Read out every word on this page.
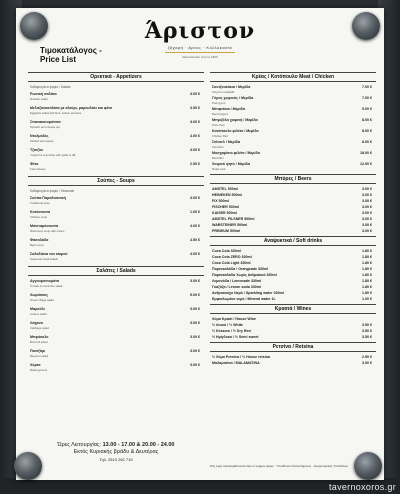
Άριστον
ζάχαρη · Αρτος · Κολλοκασία
Θεσσαλονίκη από το 1954
Τιμοκατάλογος -
Price List
Ορεκτικά - Appetizers
Καθαρισμένα ψάρια / Salads
Ρωσική σαλάτα
Russian salad
3.00 €
Μελιτζανοσαλάτα με αλεύρι, μαρουλάκι και φέτα
Eggplant salad with flour, lettuce and feta
3.50 €
Σπανακοτυρόπιτα
Spinach and cheese pie
3.00 €
Ντολμάδες
Stuffed vine leaves
4.00 €
Τζατζίκι
Yoghurt & cucumber with garlic & dill
3.00 €
Φέτα
Feta cheese
2.50 €
Σούπες - Soups
Καθαρισμένα ψάρια / Seasonal
Σούπα Παραδοσιακή
Traditional soup
3.00 €
Κοτόσουπα
Chicken soup
1.00 €
Μανιταρόσουπα
Mushroom soup with cream
4.00 €
Φασολάδα
Bean soup
4.50 €
Σαλαδάκια του καιρού
Seasonal small salads
4.00 €
Σαλάτες / Salads
Αγγουροντομάτα
Tomato & cucumber salad
3.00 €
Χωριάτικη
Greek village salad
5.00 €
Μαρούλι
Lettuce salad
3.00 €
Λάχανο
Cabbage salad
3.00 €
Μπρόκολο
Broccoli salad
3.00 €
Παντζάρι
Beetroot salad
3.00 €
Χόρτα
Boiled greens
3.00 €
Κρέας / Κοτόπουλο Meat / Chicken
Σουτζουκάκια / Μερίδα
Smyrna meatballs
7.00 €
Γύρος χοιρινός / Μερίδα
Pork gyros
7.00 €
Μπιφτέκια / Μερίδα
Beef burgers
9.00 €
Μπριζόλα χοιρινή / Μερίδα
Pork chop
8.00 €
Κοτόπουλο φιλέτο / Μερίδα
Chicken fillet
8.00 €
Σνίτσελ / Μερίδα
Schnitzel
8.00 €
Μοσχαρίσιο φιλέτο / Μερίδα
Beef fillet
18.00 €
Χοιρινό ψητό / Μερίδα
Roast pork
12.00 €
Μπύρες / Beers
AMSTEL 500ml	3.00 €
HEINEKEN 500ml	3.00 €
FIX 500ml	3.00 €
FISCHER 500ml	3.00 €
KAISER 500ml	3.00 €
AMSTEL PILSNER 500ml	3.00 €
WARSTEINER 500ml	3.00 €
PREMIUM 500ml	3.00 €
Αναψυκτικά / Soft drinks
Coca Cola 330ml	1.80 €
Coca Cola ZERO 330ml	1.80 €
Coca Cola Light 330ml	1.80 €
Πορτοκαλάδα / Orangeade 330ml	1.80 €
Πορτοκαλάδα Χωρίς Ανθρακικό 330ml	1.80 €
Λεμονάδα / Lemonade 330ml	1.80 €
Γκαζόζα / Lemon soda 330ml	1.80 €
Ανθρακούχο Νερό / Sparkling water 330ml	1.80 €
Εμφιαλωμένο νερό / Mineral water 1L	1.00 €
Κρασιά / Wines
Χύμα Κρασί / House Wine
½ Λευκό / ½ White	3.50 €
½ Κόκκινο / ½ Dry Red	3.50 €
½ Ημίγλυκο / ½ Semi sweet	3.50 €
Ρετσίνα / Retsina
½ Χύμα Ρετσίνα / ½ House retsina	2.50 €
Μαλαματίνα / MALAMATINA	3.00 €
Ώρες Λειτουργίας: 13.00 - 17.00 & 20.00 - 24.00
Εκτός Κυριακής βράδυ & Δευτέρας
Τηλ: 2510 262 715
Στις τιμές περιλαμβάνονται όλοι οι νόμιμοι φόροι · Υπεύθυνος Καταστήματος · Αγορανομικός Υπεύθυνος
tavernoxoros.gr
